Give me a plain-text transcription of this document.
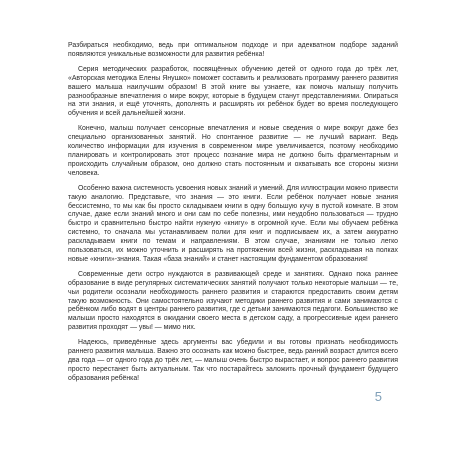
Разбираться необходимо, ведь при оптимальном подходе и при адекватном подборе заданий появляются уникальные возможности для развития ребёнка!

Серия методических разработок, посвящённых обучению детей от одного года до трёх лет, «Авторская методика Елены Янушко» поможет составить и реализовать программу раннего развития вашего малыша наилучшим образом! В этой книге вы узнаете, как помочь малышу получить разнообразные впечатления о мире вокруг, которые в будущем станут представлениями. Опираться на эти знания, и ещё уточнять, дополнять и расширять их ребёнок будет во время последующего обучения и всей дальнейшей жизни.

Конечно, малыш получает сенсорные впечатления и новые сведения о мире вокруг даже без специально организованных занятий. Но спонтанное развитие — не лучший вариант. Ведь количество информации для изучения в современном мире увеличивается, поэтому необходимо планировать и контролировать этот процесс познание мира не должно быть фрагментарным и происходить случайным образом, оно должно стать постоянным и охватывать все стороны жизни человека.

Особенно важна системность усвоения новых знаний и умений. Для иллюстрации можно привести такую аналогию. Представьте, что знания — это книги. Если ребёнок получает новые знания бессистемно, то мы как бы просто складываем книги в одну большую кучу в пустой комнате. В этом случае, даже если знаний много и они сам по себе полезны, ими неудобно пользоваться — трудно быстро и сравнительно быстро найти нужную «книгу» в огромной куче. Если мы обучаем ребёнка системно, то сначала мы устанавливаем полки для книг и подписываем их, а затем аккуратно раскладываем книги по темам и направлениям. В этом случае, знаниями не только легко пользоваться, их можно уточнить и расширять на протяжении всей жизни, раскладывая на полках новые «книги»-знания. Такая «база знаний» и станет настоящим фундаментом образования!

Современные дети остро нуждаются в развивающей среде и занятиях. Однако пока раннее образование в виде регулярных систематических занятий получают только некоторые малыши — те, чьи родители осознали необходимость раннего развития и стараются предоставить своим детям такую возможность. Они самостоятельно изучают методики раннего развития и сами занимаются с ребёнком либо водят в центры раннего развития, где с детьми занимаются педагоги. Большинство же малыши просто находятся в ожидании своего места в детском саду, а прогрессивные идеи раннего развития проходят — увы! — мимо них.

Надеюсь, приведённые здесь аргументы вас убедили и вы готовы признать необходимость раннего развития малыша. Важно это осознать как можно быстрее, ведь ранний возраст длится всего два года — от одного года до трёх лет, — малыш очень быстро вырастает, и вопрос раннего развития просто перестанет быть актуальным. Так что постарайтесь заложить прочный фундамент будущего образования ребёнка!

5
